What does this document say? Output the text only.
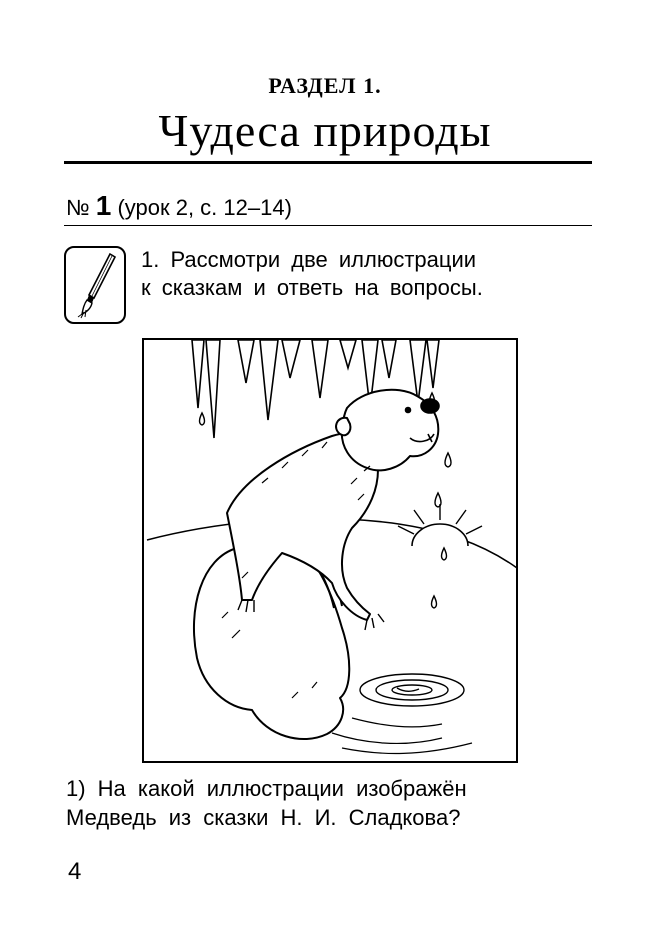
РАЗДЕЛ 1.
Чудеса природы
№ 1 (урок 2, с. 12–14)
1. Рассмотри две иллюстрации
к сказкам и ответь на вопросы.
1) На какой иллюстрации изображён
Медведь из сказки Н. И. Сладкова?
4
